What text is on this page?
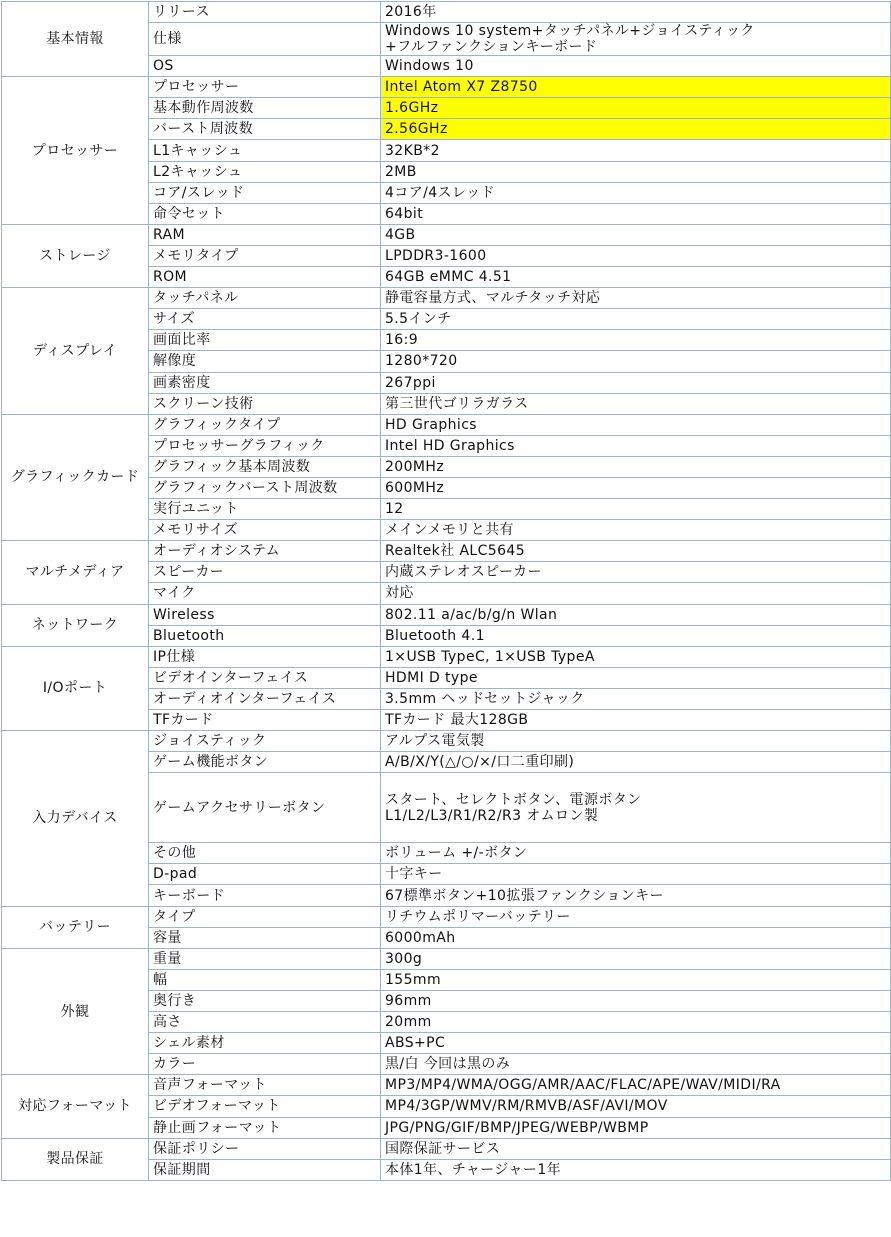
基本情報	リリース	2016年
	仕様	Windows 10 system+タッチパネル+ジョイスティック
+フルファンクションキーボード

	OS	Windows 10
プロセッサー	プロセッサー	Intel Atom X7 Z8750
	基本動作周波数	1.6GHz
	バースト周波数	2.56GHz
	L1キャッシュ	32KB*2
	L2キャッシュ	2MB
	コア/スレッド	4コア/4スレッド
	命令セット	64bit
ストレージ	RAM	4GB
	メモリタイプ	LPDDR3-1600
	ROM	64GB eMMC 4.51
ディスプレイ	タッチパネル	静電容量方式、マルチタッチ対応
	サイズ	5.5インチ
	画面比率	16:9
	解像度	1280*720
	画素密度	267ppi
	スクリーン技術	第三世代ゴリラガラス
グラフィックカード	グラフィックタイプ	HD Graphics
	プロセッサーグラフィック	Intel HD Graphics
	グラフィック基本周波数	200MHz
	グラフィックバースト周波数	600MHz
	実行ユニット	12
	メモリサイズ	メインメモリと共有
マルチメディア	オーディオシステム	Realtek社 ALC5645
	スピーカー	内蔵ステレオスピーカー
	マイク	対応
ネットワーク	Wireless	802.11 a/ac/b/g/n Wlan
	Bluetooth	Bluetooth 4.1
I/Oポート	IP仕様	1×USB TypeC, 1×USB TypeA
	ビデオインターフェイス	HDMI D type
	オーディオインターフェイス	3.5mm ヘッドセットジャック
	TFカード	TFカード 最大128GB
入力デバイス	ジョイスティック	アルプス電気製
	ゲーム機能ボタン	A/B/X/Y(△/○/×/口二重印刷)
	ゲームアクセサリーボタン	スタート、セレクトボタン、電源ボタン
L1/L2/L3/R1/R2/R3 オムロン製

	その他	ボリューム +/-ボタン
	D-pad	十字キー
	キーボード	67標準ボタン+10拡張ファンクションキー
バッテリー	タイプ	リチウムポリマーバッテリー
	容量	6000mAh
外観	重量	300g
	幅	155mm
	奥行き	96mm
	高さ	20mm
	シェル素材	ABS+PC
	カラー	黒/白 今回は黒のみ
対応フォーマット	音声フォーマット	MP3/MP4/WMA/OGG/AMR/AAC/FLAC/APE/WAV/MIDI/RA
	ビデオフォーマット	MP4/3GP/WMV/RM/RMVB/ASF/AVI/MOV
	静止画フォーマット	JPG/PNG/GIF/BMP/JPEG/WEBP/WBMP
製品保証	保証ポリシー	国際保証サービス
	保証期間	本体1年、チャージャー1年
